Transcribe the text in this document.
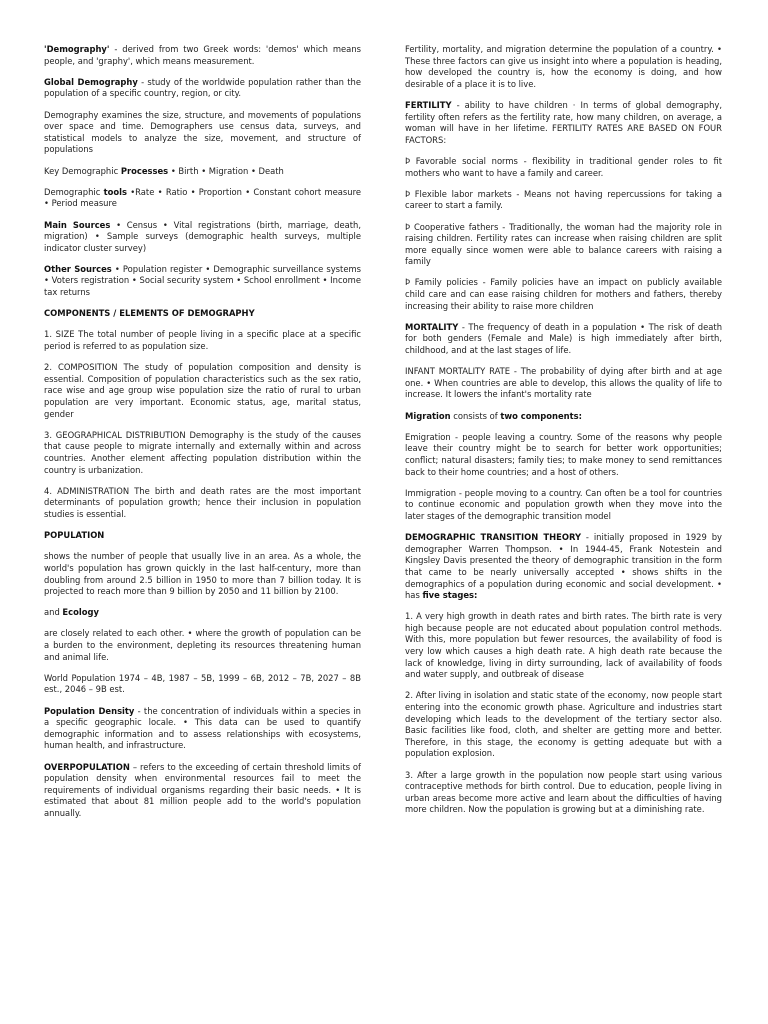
'Demography' - derived from two Greek words: 'demos' which means people, and 'graphy', which means measurement.

Global Demography - study of the worldwide population rather than the population of a specific country, region, or city.

Demography examines the size, structure, and movements of populations over space and time. Demographers use census data, surveys, and statistical models to analyze the size, movement, and structure of populations

Key Demographic Processes • Birth • Migration • Death

Demographic tools •Rate • Ratio • Proportion • Constant cohort measure • Period measure

Main Sources • Census • Vital registrations (birth, marriage, death, migration) • Sample surveys (demographic health surveys, multiple indicator cluster survey)

Other Sources • Population register • Demographic surveillance systems • Voters registration • Social security system • School enrollment • Income tax returns

COMPONENTS / ELEMENTS OF DEMOGRAPHY

1. SIZE The total number of people living in a specific place at a specific period is referred to as population size.

2. COMPOSITION The study of population composition and density is essential. Composition of population characteristics such as the sex ratio, race wise and age group wise population size the ratio of rural to urban population are very important. Economic status, age, marital status, gender

3. GEOGRAPHICAL DISTRIBUTION Demography is the study of the causes that cause people to migrate internally and externally within and across countries. Another element affecting population distribution within the country is urbanization.

4. ADMINISTRATION The birth and death rates are the most important determinants of population growth; hence their inclusion in population studies is essential.

POPULATION

shows the number of people that usually live in an area. As a whole, the world's population has grown quickly in the last half-century, more than doubling from around 2.5 billion in 1950 to more than 7 billion today. It is projected to reach more than 9 billion by 2050 and 11 billion by 2100.

and Ecology

are closely related to each other. • where the growth of population can be a burden to the environment, depleting its resources threatening human and animal life.

World Population 1974 – 4B, 1987 – 5B, 1999 – 6B, 2012 – 7B, 2027 – 8B est., 2046 – 9B est.

Population Density - the concentration of individuals within a species in a specific geographic locale. • This data can be used to quantify demographic information and to assess relationships with ecosystems, human health, and infrastructure.

OVERPOPULATION – refers to the exceeding of certain threshold limits of population density when environmental resources fail to meet the requirements of individual organisms regarding their basic needs. • It is estimated that about 81 million people add to the world's population annually.

Fertility, mortality, and migration determine the population of a country. • These three factors can give us insight into where a population is heading, how developed the country is, how the economy is doing, and how desirable of a place it is to live.

FERTILITY - ability to have children · In terms of global demography, fertility often refers as the fertility rate, how many children, on average, a woman will have in her lifetime. FERTILITY RATES ARE BASED ON FOUR FACTORS:

Þ Favorable social norms - flexibility in traditional gender roles to fit mothers who want to have a family and career.

Þ Flexible labor markets - Means not having repercussions for taking a career to start a family.

Þ Cooperative fathers - Traditionally, the woman had the majority role in raising children. Fertility rates can increase when raising children are split more equally since women were able to balance careers with raising a family

Þ Family policies - Family policies have an impact on publicly available child care and can ease raising children for mothers and fathers, thereby increasing their ability to raise more children

MORTALITY - The frequency of death in a population • The risk of death for both genders (Female and Male) is high immediately after birth, childhood, and at the last stages of life.

INFANT MORTALITY RATE - The probability of dying after birth and at age one. • When countries are able to develop, this allows the quality of life to increase. It lowers the infant's mortality rate

Migration consists of two components:

Emigration - people leaving a country. Some of the reasons why people leave their country might be to search for better work opportunities; conflict; natural disasters; family ties; to make money to send remittances back to their home countries; and a host of others.

Immigration - people moving to a country. Can often be a tool for countries to continue economic and population growth when they move into the later stages of the demographic transition model

DEMOGRAPHIC TRANSITION THEORY - initially proposed in 1929 by demographer Warren Thompson. • In 1944-45, Frank Notestein and Kingsley Davis presented the theory of demographic transition in the form that came to be nearly universally accepted • shows shifts in the demographics of a population during economic and social development. • has five stages:

1. A very high growth in death rates and birth rates. The birth rate is very high because people are not educated about population control methods. With this, more population but fewer resources, the availability of food is very low which causes a high death rate. A high death rate because the lack of knowledge, living in dirty surrounding, lack of availability of foods and water supply, and outbreak of disease

2. After living in isolation and static state of the economy, now people start entering into the economic growth phase. Agriculture and industries start developing which leads to the development of the tertiary sector also. Basic facilities like food, cloth, and shelter are getting more and better. Therefore, in this stage, the economy is getting adequate but with a population explosion.

3. After a large growth in the population now people start using various contraceptive methods for birth control. Due to education, people living in urban areas become more active and learn about the difficulties of having more children. Now the population is growing but at a diminishing rate.
